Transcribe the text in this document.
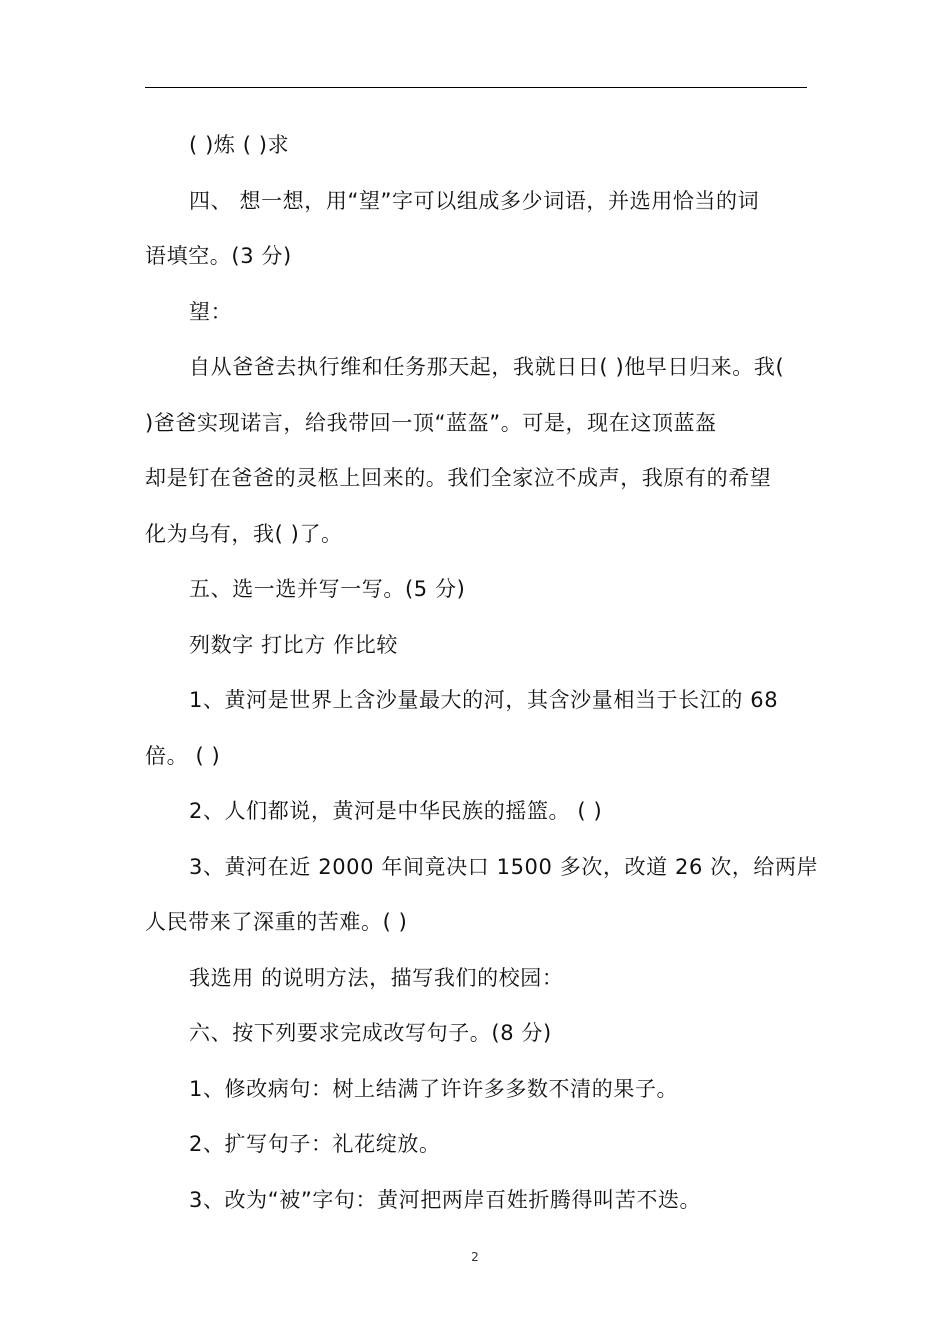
( )炼 ( )求
四、 想一想，用“望”字可以组成多少词语，并选用恰当的词
语填空。(3 分)
望：
自从爸爸去执行维和任务那天起，我就日日( )他早日归来。我(
)爸爸实现诺言，给我带回一顶“蓝盔”。可是，现在这顶蓝盔
却是钉在爸爸的灵柩上回来的。我们全家泣不成声，我原有的希望
化为乌有，我( )了。
五、选一选并写一写。(5 分)
列数字 打比方 作比较
1、黄河是世界上含沙量最大的河，其含沙量相当于长江的 68
倍。 ( )
2、人们都说，黄河是中华民族的摇篮。 ( )
3、黄河在近 2000 年间竟决口 1500 多次，改道 26 次，给两岸
人民带来了深重的苦难。( )
我选用 的说明方法，描写我们的校园：
六、按下列要求完成改写句子。(8 分)
1、修改病句：树上结满了许许多多数不清的果子。
2、扩写句子：礼花绽放。
3、改为“被”字句：黄河把两岸百姓折腾得叫苦不迭。
2
